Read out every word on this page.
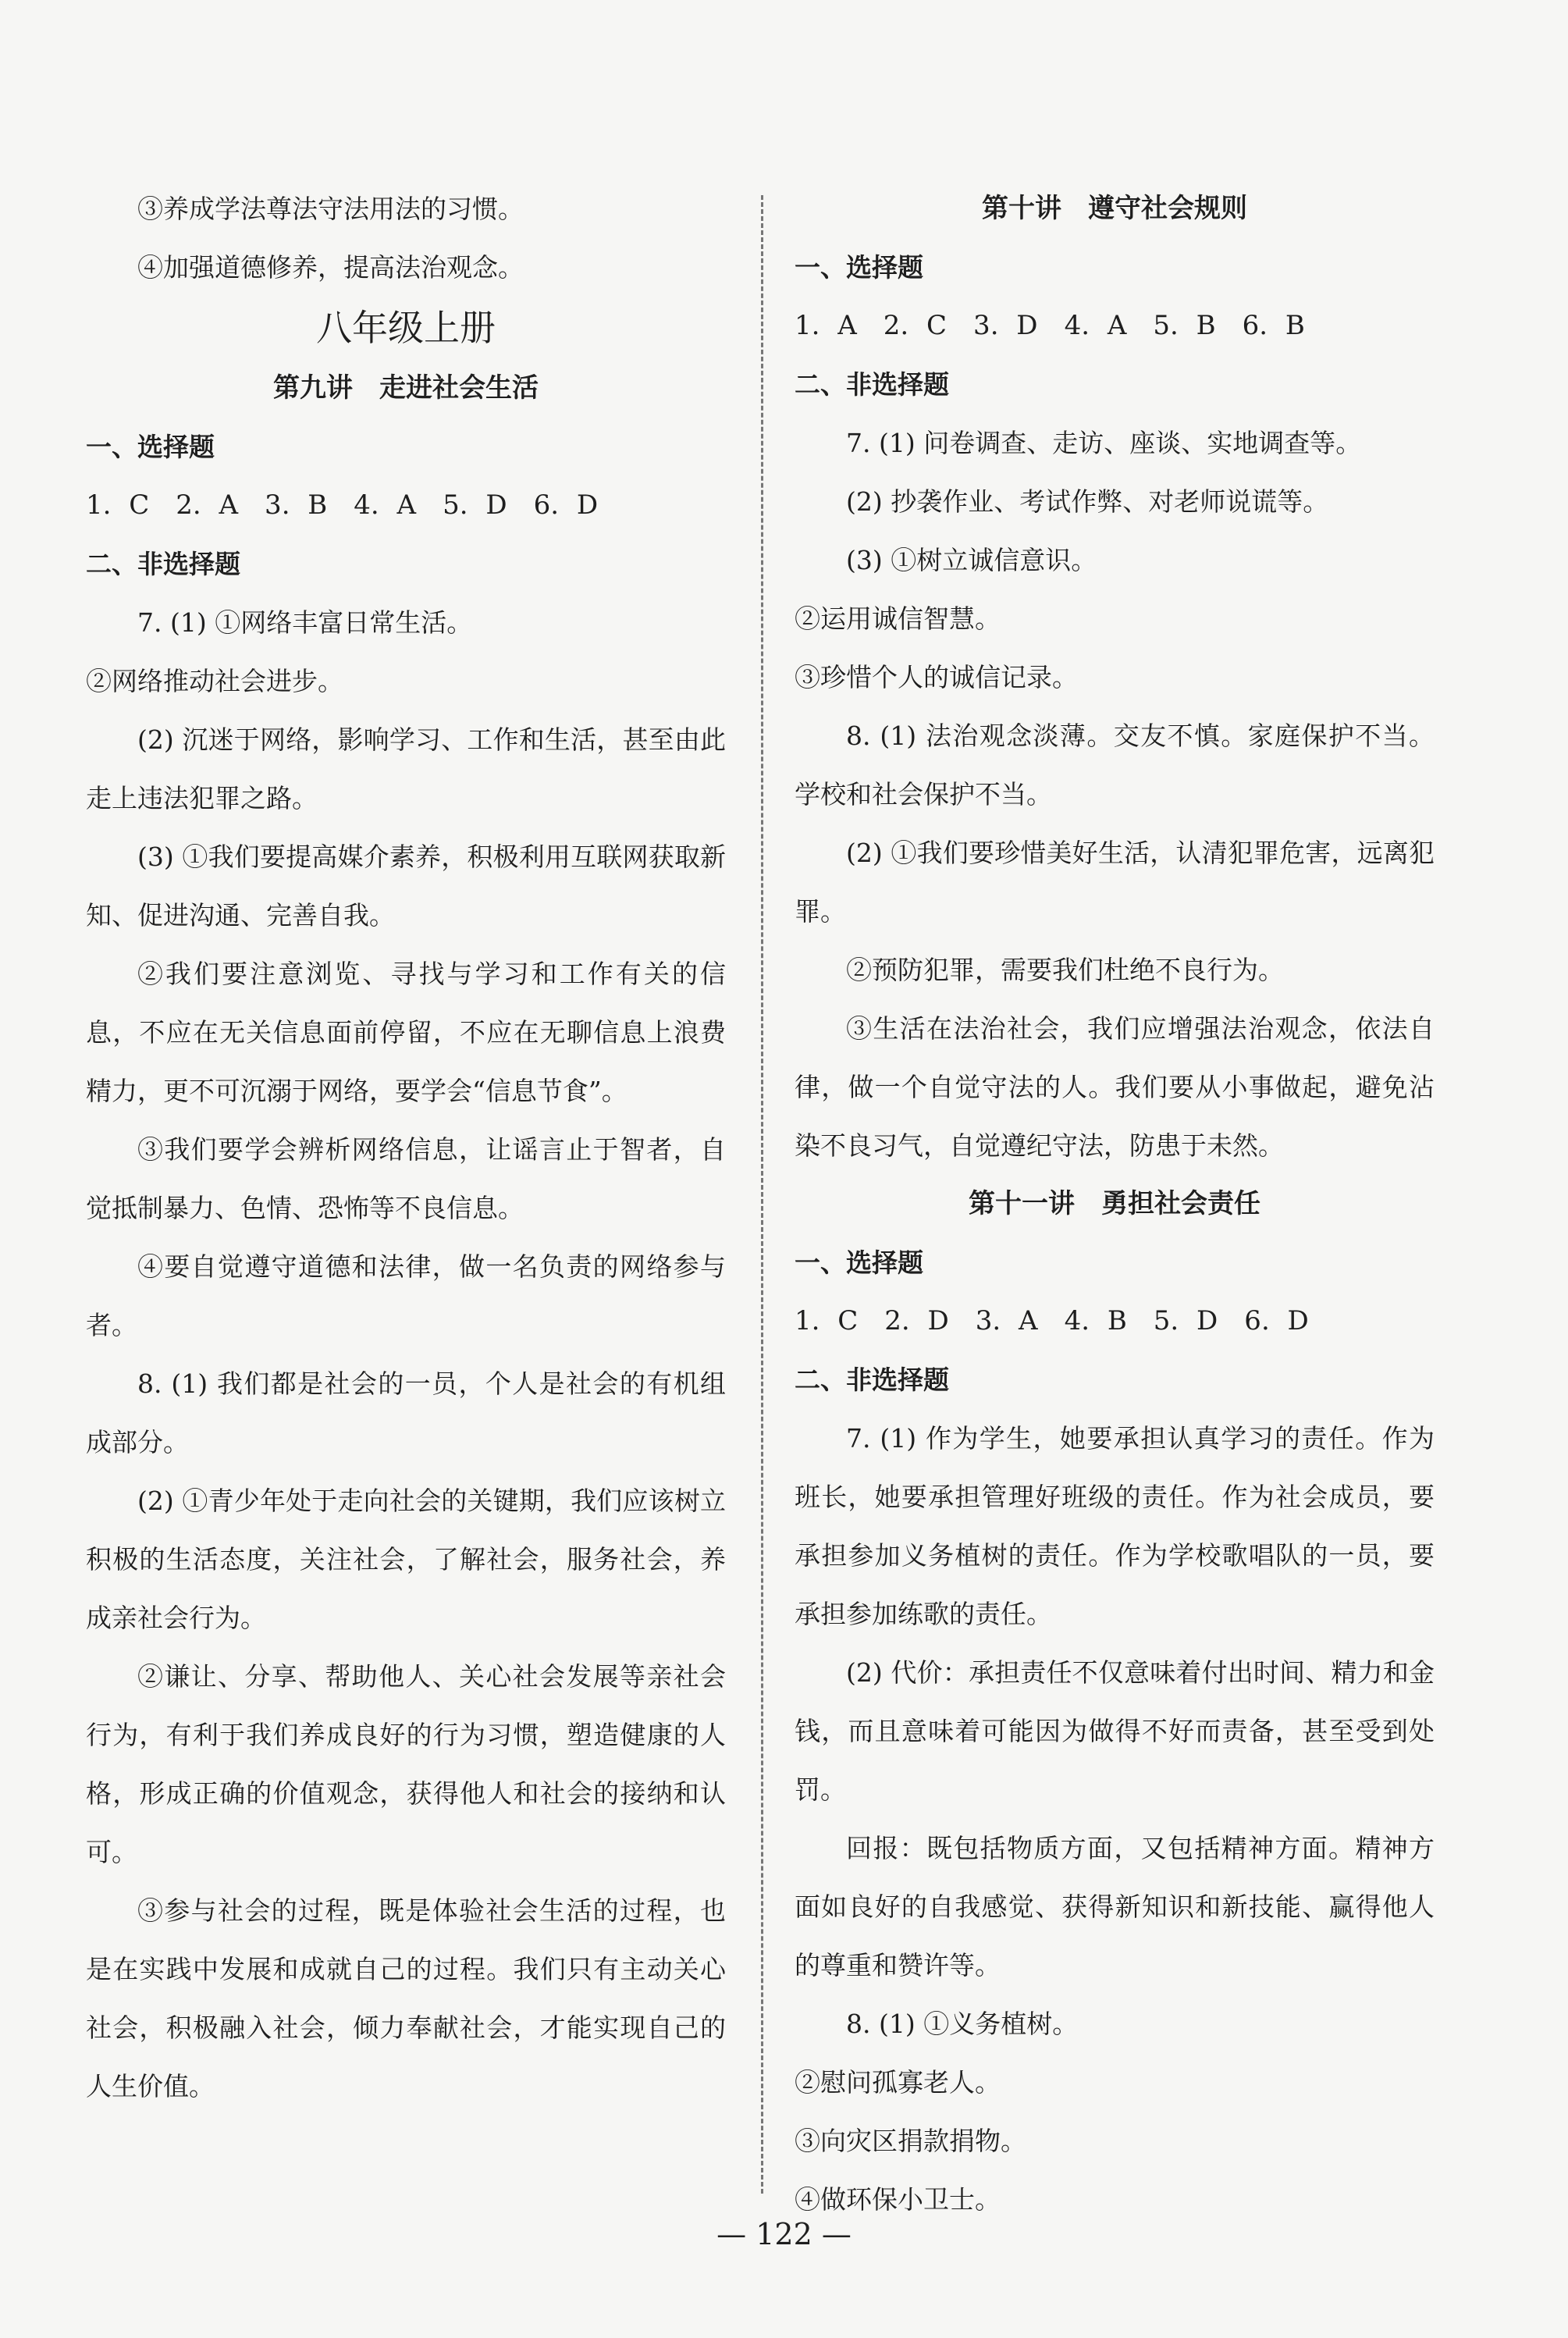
③养成学法尊法守法用法的习惯。

④加强道德修养，提高法治观念。

八年级上册

第九讲　走进社会生活

一、选择题

1. C　2. A　3. B　4. A　5. D　6. D

二、非选择题

7. (1) ①网络丰富日常生活。

②网络推动社会进步。

(2) 沉迷于网络，影响学习、工作和生活，甚至由此走上违法犯罪之路。

(3) ①我们要提高媒介素养，积极利用互联网获取新知、促进沟通、完善自我。

②我们要注意浏览、寻找与学习和工作有关的信息，不应在无关信息面前停留，不应在无聊信息上浪费精力，更不可沉溺于网络，要学会“信息节食”。

③我们要学会辨析网络信息，让谣言止于智者，自觉抵制暴力、色情、恐怖等不良信息。

④要自觉遵守道德和法律，做一名负责的网络参与者。

8. (1) 我们都是社会的一员，个人是社会的有机组成部分。

(2) ①青少年处于走向社会的关键期，我们应该树立积极的生活态度，关注社会，了解社会，服务社会，养成亲社会行为。

②谦让、分享、帮助他人、关心社会发展等亲社会行为，有利于我们养成良好的行为习惯，塑造健康的人格，形成正确的价值观念，获得他人和社会的接纳和认可。

③参与社会的过程，既是体验社会生活的过程，也是在实践中发展和成就自己的过程。我们只有主动关心社会，积极融入社会，倾力奉献社会，才能实现自己的人生价值。

第十讲　遵守社会规则

一、选择题

1. A　2. C　3. D　4. A　5. B　6. B

二、非选择题

7. (1) 问卷调查、走访、座谈、实地调查等。

(2) 抄袭作业、考试作弊、对老师说谎等。

(3) ①树立诚信意识。

②运用诚信智慧。

③珍惜个人的诚信记录。

8. (1) 法治观念淡薄。交友不慎。家庭保护不当。学校和社会保护不当。

(2) ①我们要珍惜美好生活，认清犯罪危害，远离犯罪。

②预防犯罪，需要我们杜绝不良行为。

③生活在法治社会，我们应增强法治观念，依法自律，做一个自觉守法的人。我们要从小事做起，避免沾染不良习气，自觉遵纪守法，防患于未然。

第十一讲　勇担社会责任

一、选择题

1. C　2. D　3. A　4. B　5. D　6. D

二、非选择题

7. (1) 作为学生，她要承担认真学习的责任。作为班长，她要承担管理好班级的责任。作为社会成员，要承担参加义务植树的责任。作为学校歌唱队的一员，要承担参加练歌的责任。

(2) 代价：承担责任不仅意味着付出时间、精力和金钱，而且意味着可能因为做得不好而责备，甚至受到处罚。

回报：既包括物质方面，又包括精神方面。精神方面如良好的自我感觉、获得新知识和新技能、赢得他人的尊重和赞许等。

8. (1) ①义务植树。

②慰问孤寡老人。

③向灾区捐款捐物。

④做环保小卫士。

— 122 —
